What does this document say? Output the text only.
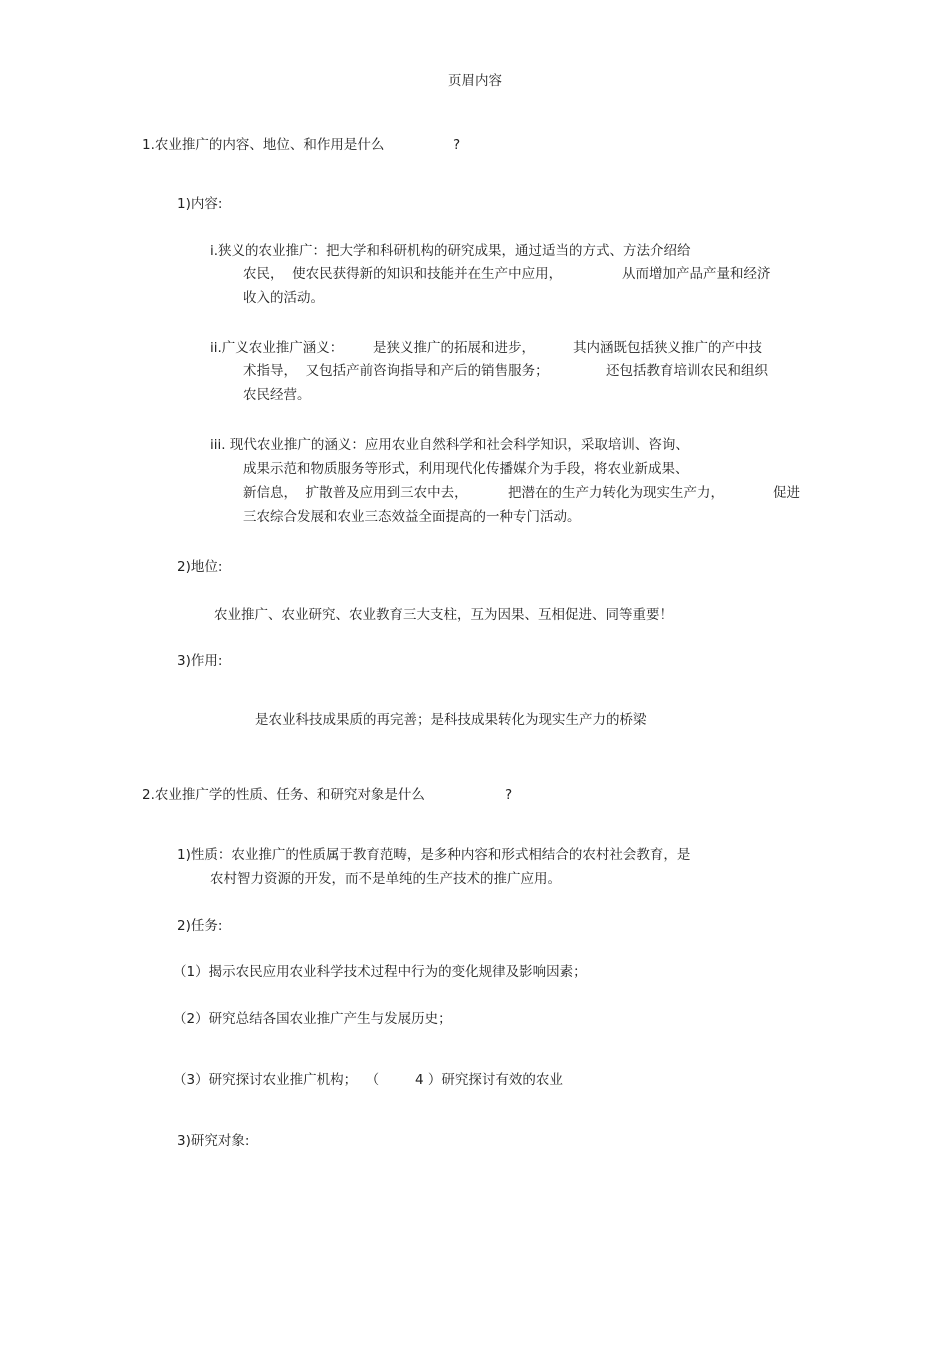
页眉内容
1.农业推广的内容、地位、和作用是什么	?
1)内容:
i.狭义的农业推广：把大学和科研机构的研究成果，通过适当的方式、方法介绍给
农民，  使农民获得新的知识和技能并在生产中应用，	从而增加产品产量和经济
收入的活动。
ii.广义农业推广涵义： 是狭义推广的拓展和进步，	其内涵既包括狭义推广的产中技
术指导，  又包括产前咨询指导和产后的销售服务；	还包括教育培训农民和组织
农民经营。
iii. 现代农业推广的涵义：应用农业自然科学和社会科学知识，采取培训、咨询、
成果示范和物质服务等形式，利用现代化传播媒介为手段，将农业新成果、
新信息，  扩散普及应用到三农中去，	把潜在的生产力转化为现实生产力，	促进
三农综合发展和农业三态效益全面提高的一种专门活动。
2)地位:
农业推广、农业研究、农业教育三大支柱，互为因果、互相促进、同等重要！
3)作用:
是农业科技成果质的再完善；是科技成果转化为现实生产力的桥梁
2.农业推广学的性质、任务、和研究对象是什么	?
1)性质：农业推广的性质属于教育范畴，是多种内容和形式相结合的农村社会教育，是
农村智力资源的开发，而不是单纯的生产技术的推广应用。
2)任务:
（1）揭示农民应用农业科学技术过程中行为的变化规律及影响因素；
（2）研究总结各国农业推广产生与发展历史；
（3）研究探讨农业推广机构；  （	4 ）研究探讨有效的农业
3)研究对象:
